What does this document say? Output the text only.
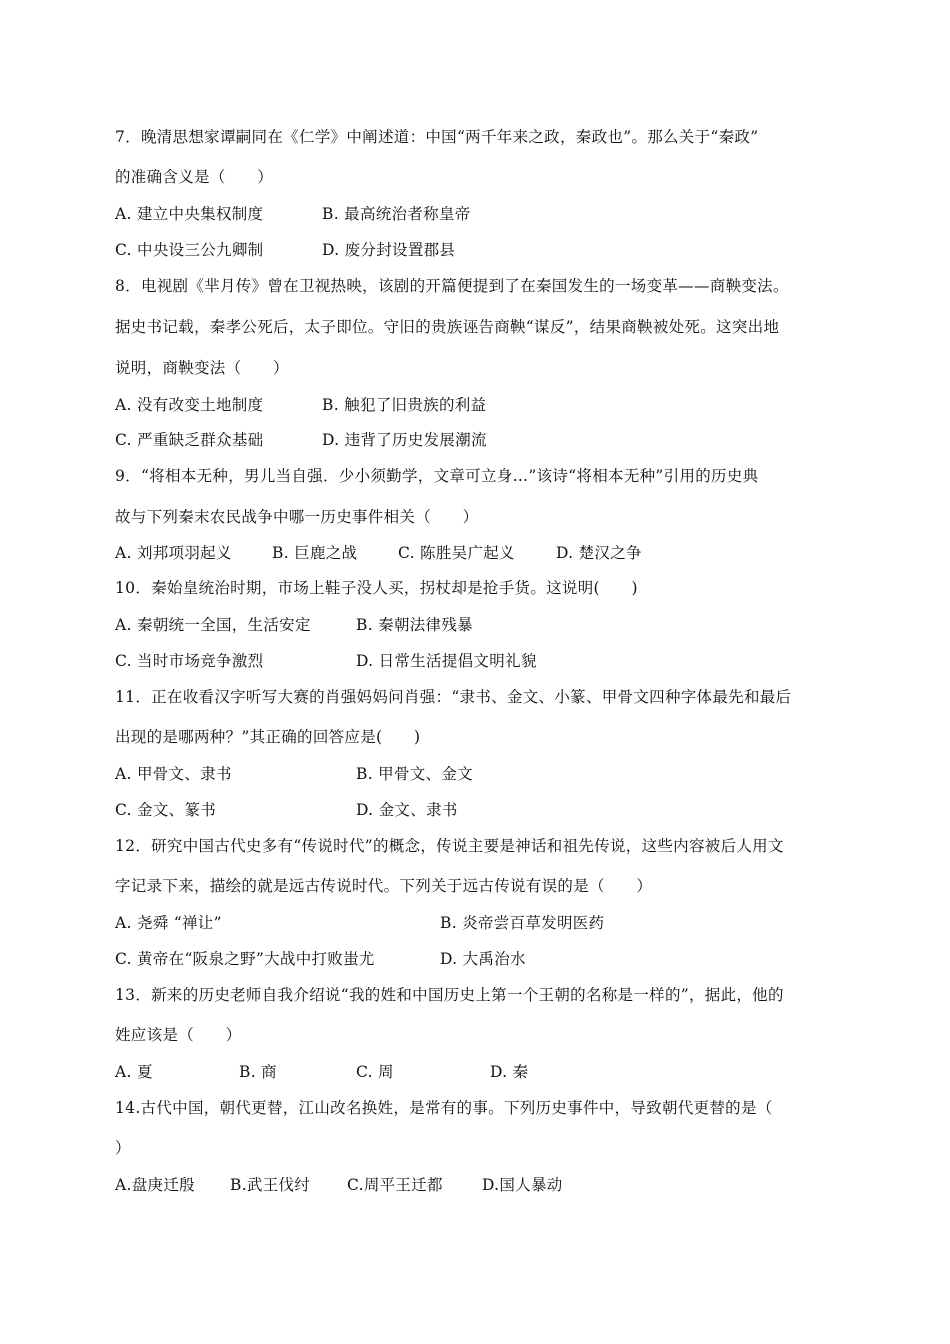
7．晚清思想家谭嗣同在《仁学》中阐述道：中国“两千年来之政，秦政也”。那么关于“秦政”
的准确含义是（　　）
A. 建立中央集权制度	B. 最高统治者称皇帝
C. 中央设三公九卿制	D. 废分封设置郡县
8．电视剧《芈月传》曾在卫视热映，该剧的开篇便提到了在秦国发生的一场变革——商鞅变法。
据史书记载，秦孝公死后，太子即位。守旧的贵族诬告商鞅“谋反”，结果商鞅被处死。这突出地
说明，商鞅变法（　　）
A. 没有改变土地制度	B. 触犯了旧贵族的利益
C. 严重缺乏群众基础	D. 违背了历史发展潮流
9．“将相本无种，男儿当自强．少小须勤学，文章可立身…”该诗“将相本无种”引用的历史典
故与下列秦末农民战争中哪一历史事件相关（　　）
A. 刘邦项羽起义	B. 巨鹿之战	C. 陈胜吴广起义	D. 楚汉之争
10．秦始皇统治时期，市场上鞋子没人买，拐杖却是抢手货。这说明(　　)
A. 秦朝统一全国，生活安定	B. 秦朝法律残暴
C. 当时市场竞争激烈	D. 日常生活提倡文明礼貌
11．正在收看汉字听写大赛的肖强妈妈问肖强：“隶书、金文、小篆、甲骨文四种字体最先和最后
出现的是哪两种？”其正确的回答应是(　　)
A. 甲骨文、隶书	B. 甲骨文、金文
C. 金文、篆书	D. 金文、隶书
12．研究中国古代史多有“传说时代”的概念，传说主要是神话和祖先传说，这些内容被后人用文
字记录下来，描绘的就是远古传说时代。下列关于远古传说有误的是（　　）
A. 尧舜 “禅让”	B. 炎帝尝百草发明医药
C. 黄帝在“阪泉之野”大战中打败蚩尤	D. 大禹治水
13．新来的历史老师自我介绍说“我的姓和中国历史上第一个王朝的名称是一样的”，据此，他的
姓应该是（　　）
A. 夏	B. 商	C. 周	D. 秦
14.古代中国，朝代更替，江山改名换姓，是常有的事。下列历史事件中，导致朝代更替的是（
）
A.盘庚迁殷 B.武王伐纣 C.周平王迁都	D.国人暴动
